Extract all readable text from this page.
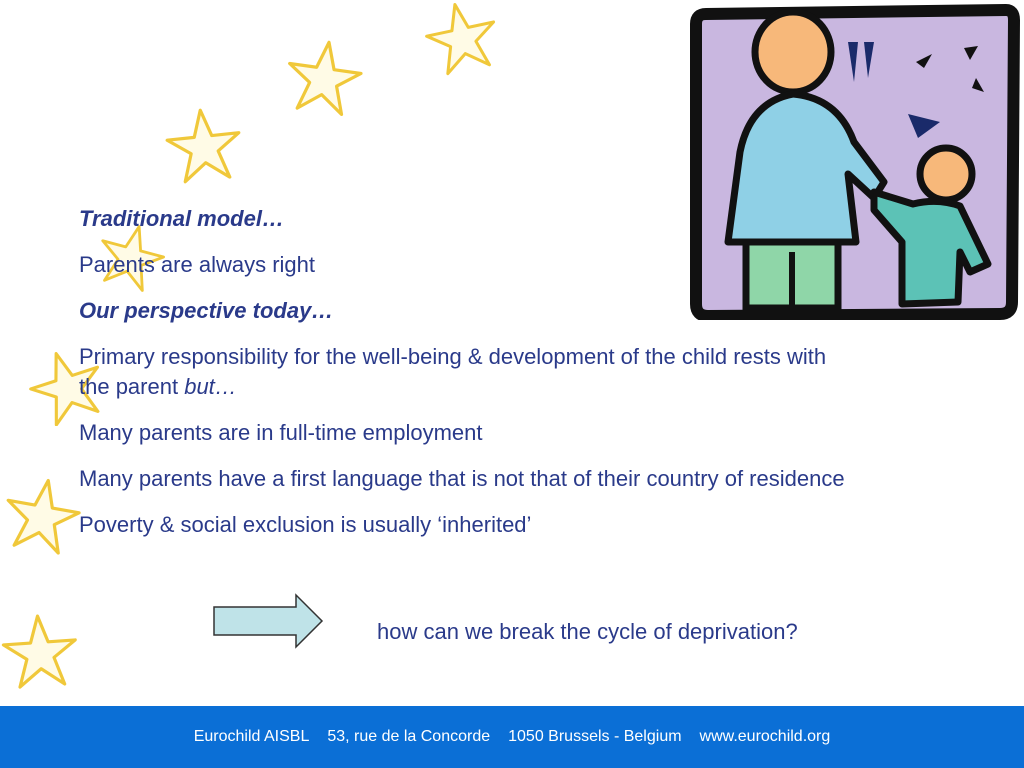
Traditional model…

Parents are always right

Our perspective today…

Primary responsibility for the well-being & development of the child rests with the parent but…

Many parents are in full-time employment

Many parents have a first language that is not that of their country of residence

Poverty & social exclusion is usually ‘inherited’

how can we break the cycle of deprivation?
Eurochild AISBL 53, rue de la Concorde 1050 Brussels - Belgium www.eurochild.org
